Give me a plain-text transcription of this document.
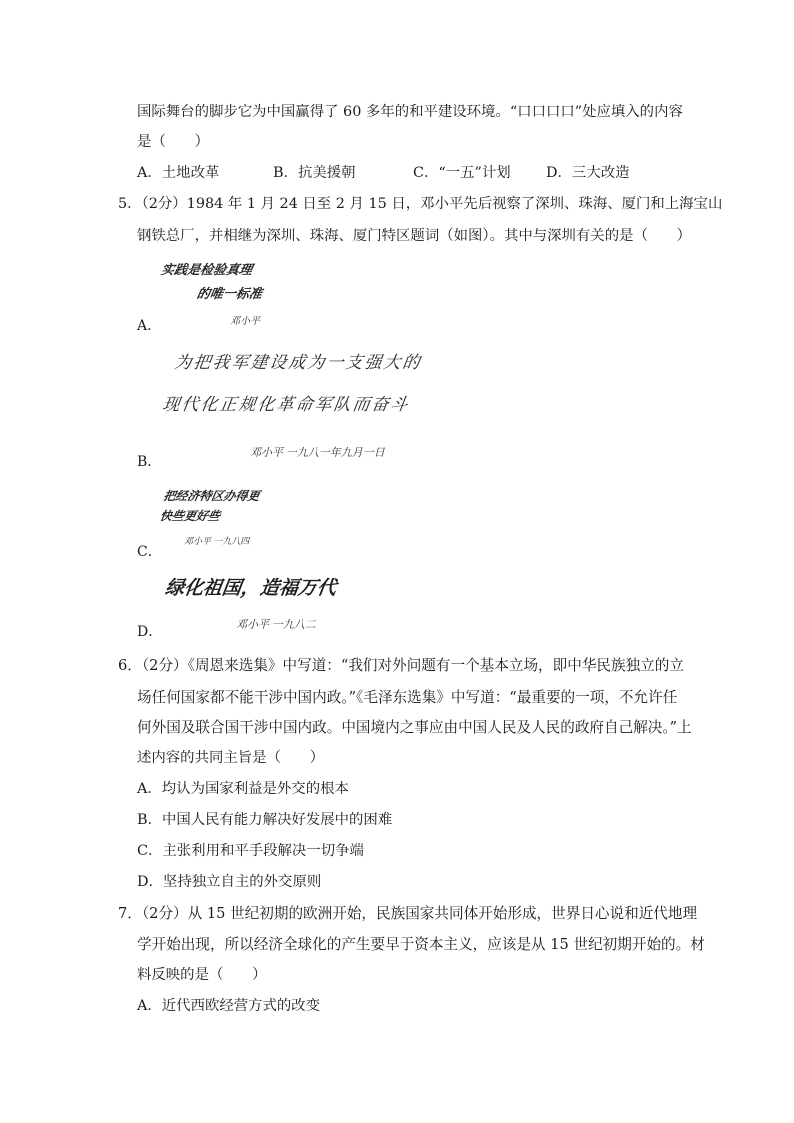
国际舞台的脚步它为中国赢得了 60 多年的和平建设环境。“口口口口”处应填入的内容
是（　　）
A．土地改革	B．抗美援朝	C．“一五”计划 D．三大改造
5．（2分）1984 年 1 月 24 日至 2 月 15 日，邓小平先后视察了深圳、珠海、厦门和上海宝山
钢铁总厂，并相继为深圳、珠海、厦门特区题词（如图）。其中与深圳有关的是（　　）
A．
实践是检验真理
的唯一标准
邓小平
B．
为把我军建设成为一支强大的
现代化正规化革命军队而奋斗
邓小平 一九八一年九月一日
C．
把经济特区办得更
快些更好些
邓小平 一九八四
D．
绿化祖国，造福万代
邓小平 一九八二
6．（2分）《周恩来选集》中写道：“我们对外问题有一个基本立场，即中华民族独立的立
场任何国家都不能干涉中国内政。”《毛泽东选集》中写道：“最重要的一项，不允许任
何外国及联合国干涉中国内政。中国境内之事应由中国人民及人民的政府自己解决。”上
述内容的共同主旨是（　　）
A．均认为国家利益是外交的根本
B．中国人民有能力解决好发展中的困难
C．主张利用和平手段解决一切争端
D．坚持独立自主的外交原则
7．（2分）从 15 世纪初期的欧洲开始，民族国家共同体开始形成，世界日心说和近代地理
学开始出现，所以经济全球化的产生要早于资本主义，应该是从 15 世纪初期开始的。材
料反映的是（　　）
A．近代西欧经营方式的改变
